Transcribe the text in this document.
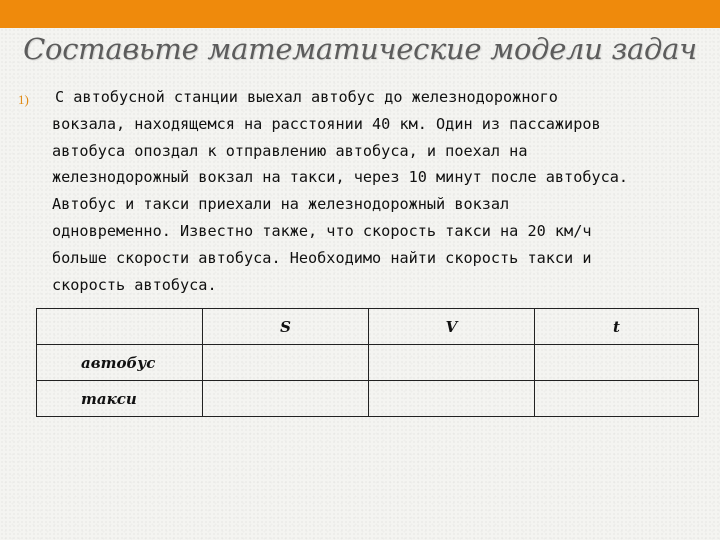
Составьте математические модели задач
1) С автобусной станции выехал автобус до железнодорожного
вокзала, находящемся на расстоянии 40 км. Один из пассажиров
автобуса опоздал к отправлению автобуса, и поехал на
железнодорожный вокзал на такси, через 10 минут после автобуса.
Автобус и такси приехали на железнодорожный вокзал
одновременно. Известно также, что скорость такси на 20 км/ч
больше скорости автобуса. Необходимо найти скорость такси и
скорость автобуса.
	S	V	t
автобус			
такси			
